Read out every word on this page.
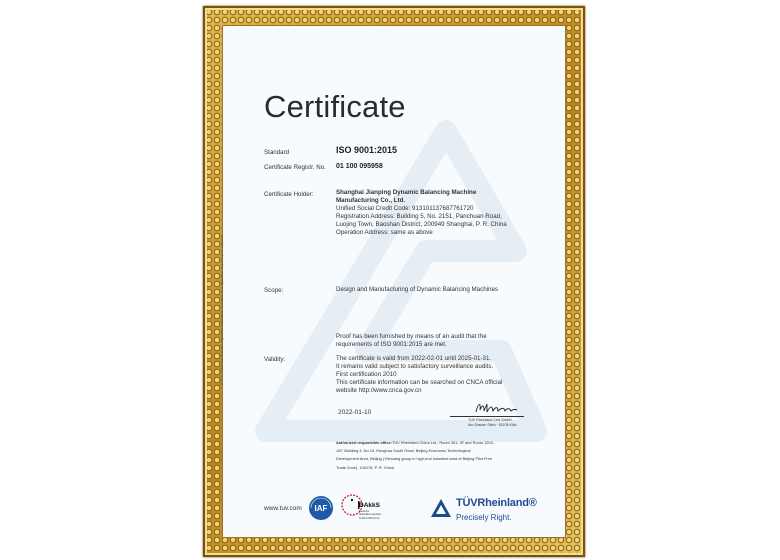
Certificate
Standard	ISO 9001:2015
Certificate Registr. No. 01 100 095958
Certificate Holder:	Shanghai Jianping Dynamic Balancing Machine
Manufacturing Co., Ltd.
Unified Social Credit Code: 913101137687761720
Registration Address: Building 5, No. 2151, Panchuan Road,
Luojing Town, Baoshan District, 200949 Shanghai, P. R. China
Operation Address: same as above
Scope:	Design and Manufacturing of Dynamic Balancing Machines
Proof has been furnished by means of an audit that the
requirements of ISO 9001:2015 are met.
Validity:	The certificate is valid from 2022-02-01 until 2025-01-31.
It remains valid subject to satisfactory surveillance audits.
First certification 2010
This certificate information can be searched on CNCA official
website http://www.cnca.gov.cn
2022-01-10
TÜV Rheinland Cert GmbH
Am Grauen Stein · 51105 Köln
Authorized responsible office:TÜV Rheinland China Ltd., Room 301, 3F and Room 1203,
12F, Building 4, No.15, Ronghua South Road, Beijing Economic-Technological
Development Area, Beijing (Yizhuang group in high-end industrial area of Beijing Pilot Free
Trade Zone), 100176, P. R. China
® TÜV, TUEV and TUV are registered trademarks. Utilisation and application requires prior approval.
www.tuv.com IAF	DAkkS
Deutsche
Akkreditierungsstelle
D-ZM-14408-01-00
TÜVRheinland®
Precisely Right.
